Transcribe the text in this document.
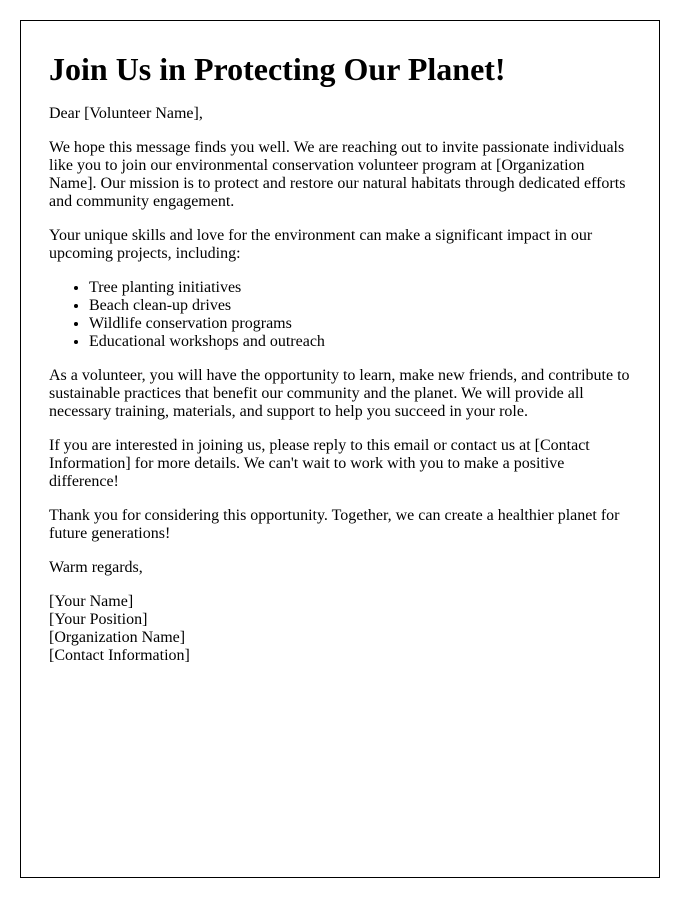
Join Us in Protecting Our Planet!

Dear [Volunteer Name],

We hope this message finds you well. We are reaching out to invite passionate individuals like you to join our environmental conservation volunteer program at [Organization Name]. Our mission is to protect and restore our natural habitats through dedicated efforts and community engagement.

Your unique skills and love for the environment can make a significant impact in our upcoming projects, including:

• Tree planting initiatives
• Beach clean-up drives
• Wildlife conservation programs
• Educational workshops and outreach

As a volunteer, you will have the opportunity to learn, make new friends, and contribute to sustainable practices that benefit our community and the planet. We will provide all necessary training, materials, and support to help you succeed in your role.

If you are interested in joining us, please reply to this email or contact us at [Contact Information] for more details. We can't wait to work with you to make a positive difference!

Thank you for considering this opportunity. Together, we can create a healthier planet for future generations!

Warm regards,

[Your Name]
[Your Position]
[Organization Name]
[Contact Information]
